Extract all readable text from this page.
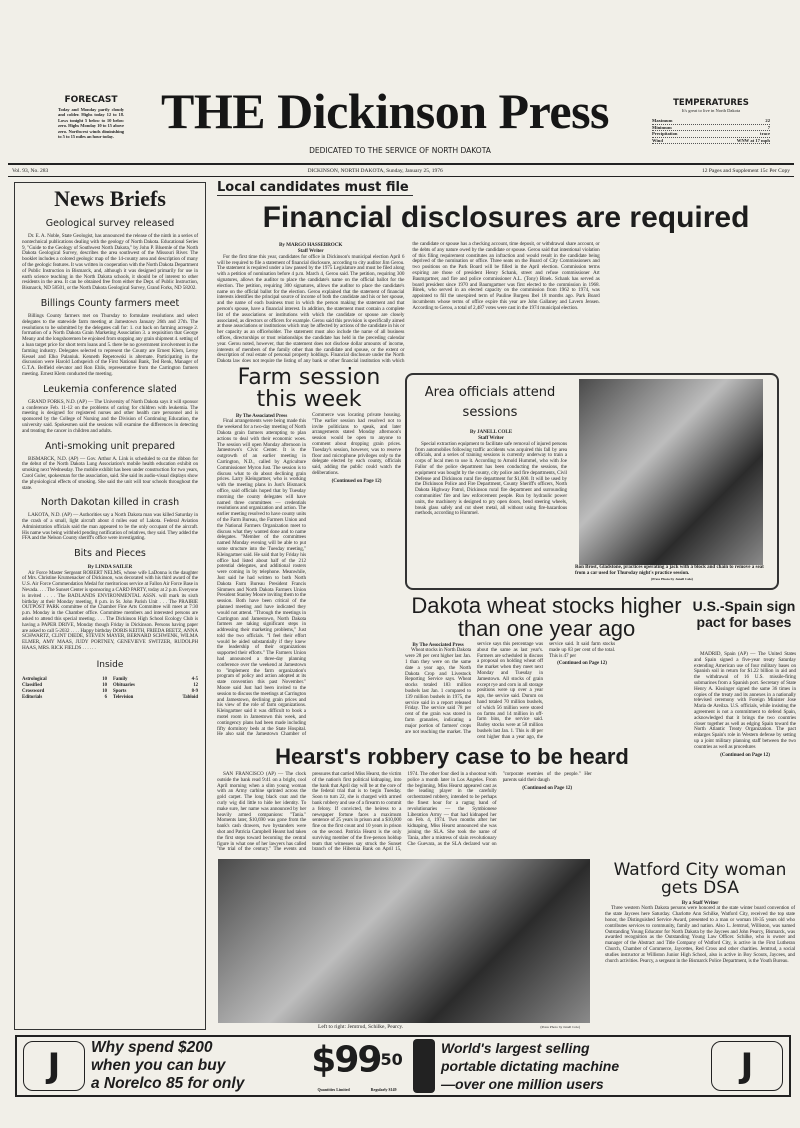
FORECAST
Today and Monday partly cloudy and colder. Highs today 12 to 18. Lows tonight 5 below to 10 below zero. Highs Monday 10 to 15 above zero. Northwest winds diminishing to 5 to 15 miles an hour today. THE Dickinson Press
DEDICATED TO THE SERVICE OF NORTH DAKOTA
TEMPERATURES
It's great to live in North Dakota
Maximum	22
Minimum	7
Precipitation	trace
Wind	WNW at 17 mph
Vol. 93, No. 283	DICKINSON, NORTH DAKOTA, Sunday, January 25, 1976	12 Pages and Supplement 15c Per Copy
News Briefs
Geological survey released

Dr. E. A. Noble, State Geologist, has announced the release of the ninth in a series of nontechnical publications dealing with the geology of North Dakota. Educational Series 9, "Guide to the Geology of Southwest North Dakota," by John P. Bluemle of the North Dakota Geological Survey, describes the area southwest of the Missouri River. The booklet includes a colored geologic map of the 14-county area and description of many of the geologic features. It was written in cooperation with the North Dakota Department of Public Instruction in Bismarck, and, although it was designed primarily for use in earth science teaching in the North Dakota schools, it should be of interest to other residents in the area. It can be obtained free from either the Dept. of Public Instruction, Bismarck, ND 58501, or the North Dakota Geological Survey, Grand Forks, ND 58202.

Billings County farmers meet

Billings County farmers met on Thursday to formulate resolutions and select delegates to the statewide farm meeting at Jamestown January 26th and 27th. The resolutions to be submitted by the delegates call for: 1. cut back on farming acreage 2. formation of a North Dakota Grain Marketing Association 3. a requisition that George Meany and the longshoremen be enjoined from stopping any grain shipment 4. setting of a loan target price for short term loans and 5. there be no government involvement in the farming industry. Delegates selected to represent the County are Ernest Klem, Leroy Kessel and Elko Palaniuk. Kenneth Repetowski is alternate. Participating in the discussion were Harold Lothspeich of the First National Bank, Ted Renk, Manager of G.T.A. Belfield elevator and Ron Ehlis, representative from the Carrington farmers meeting. Ernest Klem conducted the meeting.

Leukemia conference slated

GRAND FORKS, N.D. (AP) — The University of North Dakota says it will sponsor a conference Feb. 11-12 on the problems of caring for children with leukemia. The meeting is designed for registered nurses and other health care personnel and is sponsored by the College of Nursing and the Division of Continuing Education, the university said. Spokesmen said the sessions will examine the differences in detecting and treating the cancer in children and adults.

Anti-smoking unit prepared

BISMARCK, N.D. (AP) — Gov. Arthur A. Link is scheduled to cut the ribbon for the debut of the North Dakota Lung Association's mobile health education exhibit on smoking next Wednesday. The mobile exhibit has been under construction for two years, Carol Guler, spokesman for the association, said. She said its audio-visual displays show the physiological effects of smoking. She said the unit will tour schools throughout the state.

North Dakotan killed in crash

LAKOTA, N.D. (AP) — Authorities say a North Dakota man was killed Saturday in the crash of a small, light aircraft about 4 miles east of Lakota. Federal Aviation Administration officials said the man appeared to be the only occupant of the aircraft. His name was being withheld pending notification of relatives, they said. They added the FFA and the Nelson County sheriff's office were investigating.

Bits and Pieces
By LINDA SAILER

Air Force Master Sergeant ROBERT NELMS, whose wife LaDonna is the daughter of Mrs. Christine Krumenacker of Dickinson, was decorated with his third award of the U.S. Air Force Commendation Medal for meritorious service at Fallon Air Force Base in Nevada. . . . The Sunset Center is sponsoring a CARD PARTY, today at 2 p.m. Everyone is invited . . . . The BADLANDS ENVIRONMENTAL ASSN. will mark its sixth birthday at their Monday meeting, 8 p.m. in St. John Parish Unit . . . The PRAIRIE OUTPOST PARK committee of the Chamber Fine Arts Committee will meet at 7:30 p.m. Monday in the Chamber office. Committee members and interested persons are asked to attend this special meeting. . . . The Dickinson High School Ecology Club is having a PAPER DRIVE, Monday though Friday in Dickinson. Persons having paper are asked to call 5-2032 . . . . Happy birthday DORIS KEITH, FRIEDA BEETZ, ANNA SCHWARTZ, CLINT DIEDE, STEVEN MAYER, BERNARD SCHWENK, WILMA ELMER, AMY MAAS, JUDY PORTNEY, GENEVIEVE SWITZER, RUDOLPH HAAS, MRS. RICK FIELDS . . . . . .

Inside
Astrological	10 Family	4-5
Classified	10 Obituaries	12
Crossword	10 Sports	8-9
Editorials	6 Television	Tabloid
Local candidates must file
Financial disclosures are required
By MARGO HASSEBROCK
Staff Writer

For the first time this year, candidates for office in Dickinson's municipal election April 6 will be required to file a statement of financial disclosure, according to city auditor Jim Gerou. The statement is required under a law passed by the 1975 Legislature and must be filed along with a petition of nomination before 4 p.m. March 4, Gerou said. The petition, requiring 300 signatures, allows the auditor to place the candidate's name on the official ballot for the election. The petition, requiring 300 signatures, allows the auditor to place the candidate's name on the official ballot for the election. Gerou explained that the statement of financial interests identifies the principal source of income of both the candidate and his or her spouse, and the name of each business trust in which the person making the statement and that person's spouse, have a financial interest. In addition, the statement must contain a complete list of the associations or institutions with which the candidate or spouse are closely associated, as directors or officers for example. Gerou said this provision is specifically aimed at those associations or institutions which may be affected by actions of the candidate in his or her capacity as an officeholder. The statement must also include the name of all business offices, directorships or trust relationships the candidate has held in the preceding calendar year. Gerou noted, however, that the statement does not disclose dollar amounts of income, interests of members of the family other than the candidate and spouse, or the extent or description of real estate of personal property holdings. Financial disclosure under the North Dakota law does not require the listing of any bank or other financial institution with which the candidate or spouse has a checking account, time deposit, or withdrawal share account, or the debts of any nature owed by the candidate or spouse. Gerou said that intentional violation of this filing requirement constitutes an infraction and would result in the candidate being deprived of the nomination or office. Three seats on the Board of City Commissioners and two positions on the Park Board will be filled in the April election. Commission terms expiring are those of president Henry Schank, street and refuse commissioner Art Baumgartner, and fire and police commissioner A.L. (Tony) Binek. Schank has served as board president since 1970 and Baumgartner was first elected to the commission in 1968. Binek, who served in an elected capacity on the commission from 1962 to 1974, was appointed to fill the unexpired term of Pauline Burgess Ibel 18 months ago. Park Board incumbents whose terms of office expire this year are John Gallaney and Lavern Jensen. According to Gerou, a total of 2,487 votes were cast in the 1974 municipal election.

Farm session this week
By The Associated Press

Final arrangements were being made this the weekend for a two-day meeting of North Dakota grain farmers attempting to plan actions to deal with their economic woes. The session will open Monday afternoon in Jamestown's Civic Center. It is the outgrowth of an earlier meeting in Carrington, N.D., called by Agriculture Commissioner Myron Just. The session is to discuss what to do about declining grain prices. Larry Kleingartner, who is working with the meeting plans in Just's Bismarck office, said officials hoped that by Tuesday morning the county delegates will have named three committees — credentials resolutions and organization and action. The earlier meeting resolved to have county units of the Farm Bureau, the Farmers Union and the National Farmers Organization meet to discuss what they wanted done and to name delegates. "Member of the committees named Monday evening will be able to put some structure into the Tuesday meeting," Kleingartner said. He said that by Friday his office had listed about half of the 212 potential delegates, and additional rosters were coming in by telephone. Meanwhile, Just said he had written to both North Dakota Farm Bureau President Francis Simmers and North Dakota Farmers Union President Stanley Moore inviting them to the session. Both have been critical of the planned meeting and have indicated they would not attend. "Through the meetings in Carrington and Jamestown, North Dakota farmers are taking significant steps in addressing their marketing problems," Just told the two officials. "I feel their effort would be aided substantially if they knew the leadership of their organizations supported their efforts." The Farmers Union had announced a three-day planning conference over the weekend at Jamestown to "implement the farm organization's program of policy and action adopted at its state convention this past November." Moore said Just had been invited to the session to discuss the meetings at Carrington and Jamestown, declining grain prices and his view of the role of farm organizations. Kleingartner said it was difficult to book a motel room in Jamestown this week, and contingency plans had been made including fifty dormitory beds at the State Hospital. He also said the Jamestown Chamber of Commerce was locating private housing. "The earlier session had resolved not to invite politicians to speak, and later arrangements stated Monday afternoon's session would be open to anyone to comment about dropping grain prices. Tuesday's session, however, was to reserve floor and microphone privileges only to the delegate elected by each county, officials said, adding the public could watch the deliberations.

(Continued on Page 12)
Area officials attend sessions
By JANELL COLE
Staff Writer

Special extraction equipment to facilitate safe removal of injured persons from automobiles following traffic accidents was acquired this fall by area officials, and a series of training sessions is currently underway to train a corps of local men to use it. According to Arnold Hummel, who with Joe Fallor of the police department has been conducting the sessions, the equipment was bought by the county, city police and fire departments, Civil Defense and Dickinson rural fire department for $1,600. It will be used by the Dickinson Police and Fire Department, County Sheriff's officers, North Dakota Highway Patrol, Dickinson rural fire department and surrounding communities' fire and law enforcement people. Run by hydraulic power units, the machinery is designed to pry open doors, bend steering wheels, break glass safely and cut sheet metal, all without using fire-hazardous methods, according to Hummel.

Ron Brost, Gladstone, practices operating a jack with a block and chain to remove a seat from a car used for Thursday night's practice session.
(Press Photo by Janell Cole)
Dakota wheat stocks higher than one year ago
By The Associated Press

Wheat stocks in North Dakota were 28 per cent higher last Jan. 1 than they were on the same date a year ago, the North Dakota Crop and Livestock Reporting Service says. Wheat stocks totaled 183 million bushels last Jan. 1 compared to 139 million bushels in 1975, the service said in a report released Friday. The service said 78 per cent of the grain was stored in farm granaries, indicating a major portion of farmers' crops are not reaching the market. The service says this percentage was about the same as last year's. Farmers are scheduled in discuss a proposal on holding wheat off the market when they meet next Monday and Tuesday in Jamestown. All stocks of grain except rye and corn in all storage positions were up over a year ago, the service said. Durum on hand totaled 70 million bushels, of which 56 million were stored on farms and 14 million in off-farm bins, the service said. Barley stocks were at 58 million bushels last Jan. 1. This is 40 per cent higher than a year ago, the service said. It said farm stocks made up 83 per cent of the total. This is 47 per

(Continued on Page 12)
U.S.-Spain sign pact for bases

MADRID, Spain (AP) — The United States and Spain signed a five-year treaty Saturday extending American use of four military bases on Spanish soil in return for $1.22 billion in aid and the withdrawal of 16 U.S. missile-firing submarines from a Spanish port. Secretary of State Henry A. Kissinger signed the same 36 times in copies of the treaty and its annexes in a nationally televised ceremony with Foreign Minister Jose Maria de Areilza. U.S. officials, while insisting the agreement is not a commitment to defend Spain, acknowledged that it brings the two countries closer together as well as edging Spain toward the North Atlantic Treaty Organization. The pact enlarges Spain's role in Western defense by setting up a joint military planning staff between the two countries as well as procedures

(Continued on Page 12)
Hearst's robbery case to be heard

SAN FRANCISCO (AP) — The clock outside the bank read 9:41 on a bright, cool April morning when a slim young woman with an Army carbine sprinted across the gold carpet. The long black coat and the curly wig did little to hide her identity. To make sure, her name was announced by her heavily armed companions: "Tania." Moments later, $10,690 was gone from the bank's cash drawers, two bystanders were shot and Patricia Campbell Hearst had taken the first steps toward becoming the central figure in what one of her lawyers has called "the trial of the century." The events and pressures that carried Miss Hearst, the victim of the nation's first political kidnaping, into the bank that April day will be at the core of the federal trial that is to begin Tuesday. Soon to turn 22, she is charged with armed bank robbery and use of a firearm to commit a felony. If convicted, the heiress to a newspaper fortune faces a maximum sentence of 25 years in prison and a $10,000 fine on the first count and 10 years in prison on the second. Patricia Hearst is the only surviving member of the five-person holdup team that witnesses say struck the Sunset branch of the Hibernia Bank on April 15, 1974. The other four died in a shootout with police a month later in Los Angeles. From the beginning, Miss Hearst appeared cast as the leading player in the carefully orchestrated robbery, intended to be perhaps the finest hour for a ragtag band of revolutionaries — the Symbionese Liberation Army — that had kidnaped her on Feb. 4, 1974. Two months after her kidnaping, Miss Hearst announced she was joining the SLA. She took the name of Tania, after a mistress of slain revolutionary Che Guevara, as the SLA declared war on "corporate enemies of the people." Her parents said their daugh

(Continued on Page 12)
Left to right: Jemtrud, Schilke, Pearcy.	(Press Photo by Janell Cole)
Watford City woman gets DSA
By a Staff Writer

Three western North Dakota persons were honored at the state winter board convention of the state Jaycees here Saturday. Charlotte Ann Schilke, Watford City, received the top state honor, the Distinguished Service Award, presented to a man or woman 18-35 years old who contributes services to community, family and nation. Also L. Jemtrud, Williston, was named Outstanding Young Educator for North Dakota by the Jaycees and John Pearcy, Bismarck, was awarded recognition as the Outstanding Young Law Officer. Schilke, who is owner and manager of the Abstract and Title Company of Watford City, is active in the First Lutheran Church, Chamber of Commerce, Jaycettes, Red Cross and other charities. Jemtrud, a social studies instructor at Williston Junior High School, also is active in Boy Scouts, Jaycees, and church activities. Pearcy, a sergeant in the Bismarck Police Department, is the Youth Bureau.

J	Why spend $200
when you can buy
a Norelco 85 for only
$\$99^{50}$
Quantities Limited	Regularly $149
World's largest selling
portable dictating machine
—over one million users	J
